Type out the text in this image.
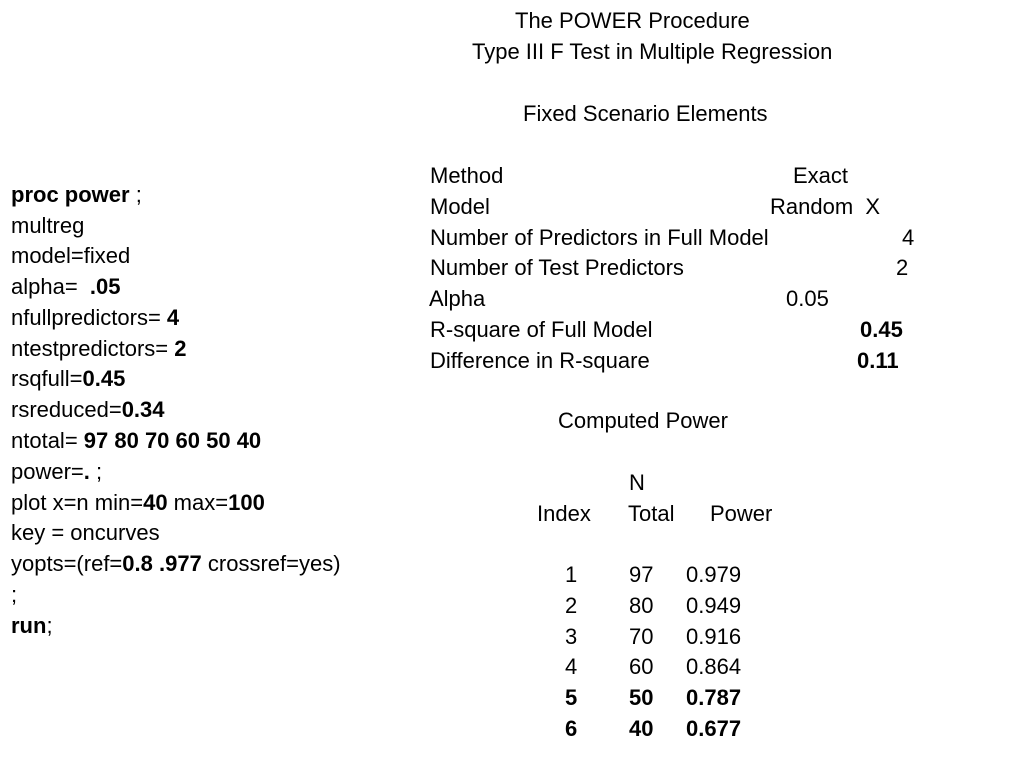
proc power ;
multreg
model=fixed
alpha=  .05
nfullpredictors= 4
ntestpredictors= 2
rsqfull=0.45
rsreduced=0.34
ntotal= 97 80 70 60 50 40
power=. ;
plot x=n min=40 max=100
key = oncurves
yopts=(ref=0.8 .977 crossref=yes)
;
run;
The POWER Procedure
Type III F Test in Multiple Regression
Fixed Scenario Elements
Method	Exact
Model	Random  X
Number of Predictors in Full Model	4
Number of Test Predictors	2
Alpha	0.05
R-square of Full Model	0.45
Difference in R-square	0.11
Computed Power
N
Index Total Power
1 97 0.979
2 80 0.949
3 70 0.916
4 60 0.864
5 50 0.787
6 40 0.677
